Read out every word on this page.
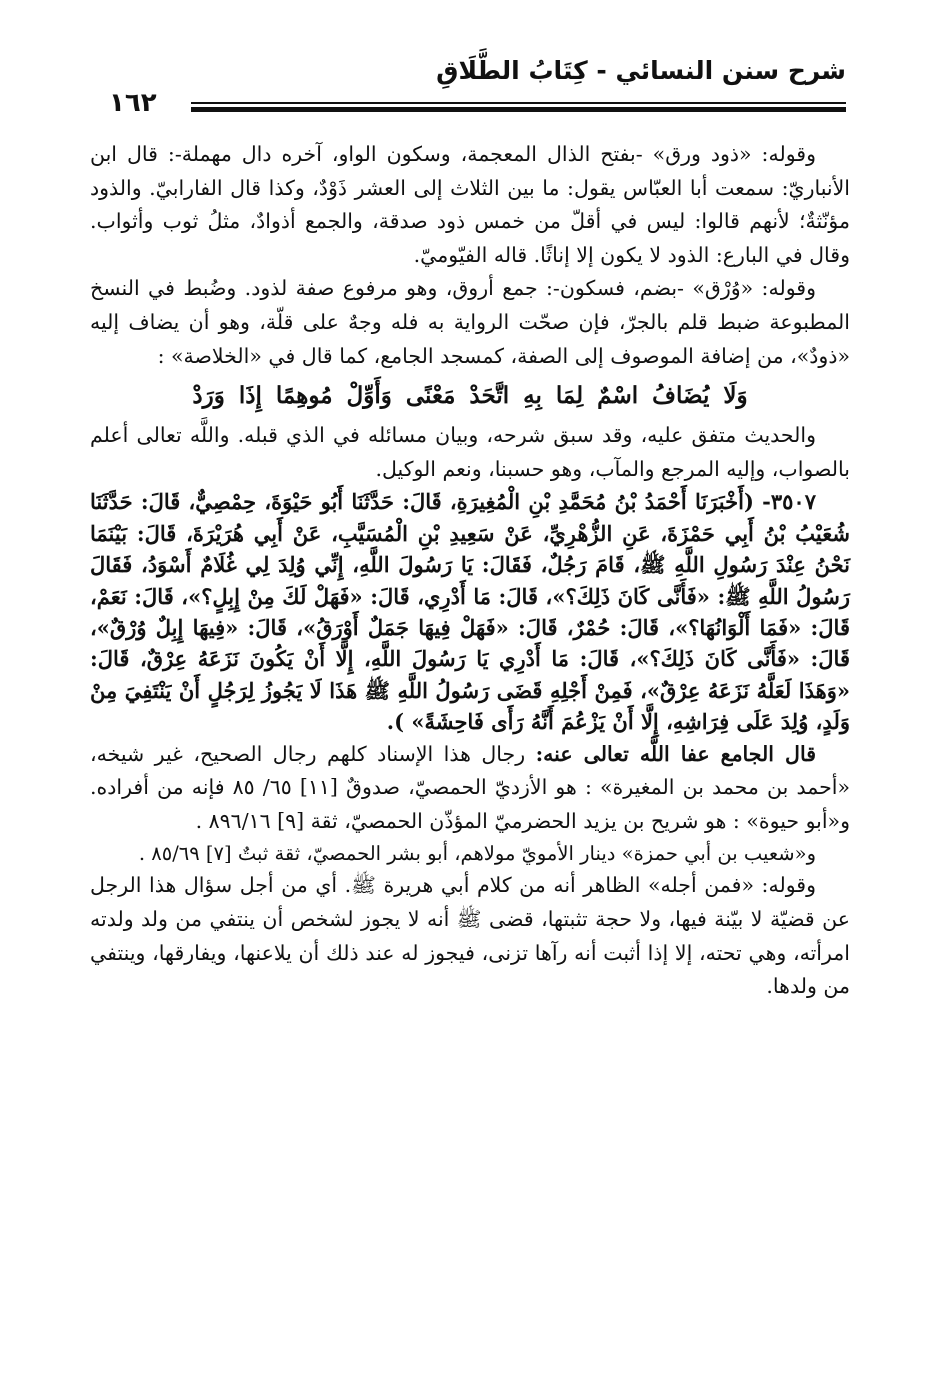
شرح سنن النسائي - كِتَابُ الطَّلَاقِ
١٦٢

وقوله: «ذود ورق» -بفتح الذال المعجمة، وسكون الواو، آخره دال مهملة-: قال ابن الأنباريّ: سمعت أبا العبّاس يقول: ما بين الثلاث إلى العشر ذَوْدٌ، وكذا قال الفارابيّ. والذود مؤنّثةٌ؛ لأنهم قالوا: ليس في أقلّ من خمس ذود صدقة، والجمع أذوادٌ، مثلُ ثوب وأثواب. وقال في البارع: الذود لا يكون إلا إناثًا. قاله الفيّوميّ.

وقوله: «وُرْق» -بضم، فسكون-: جمع أروق، وهو مرفوع صفة لذود. وضُبط في النسخ المطبوعة ضبط قلم بالجرّ، فإن صحّت الرواية به فله وجهٌ على قلّة، وهو أن يضاف إليه «ذودٌ»، من إضافة الموصوف إلى الصفة، كمسجد الجامع، كما قال في «الخلاصة» :

وَلَا يُضَافُ اسْمٌ لِمَا بِهِ اتَّحَدْ مَعْنًى وَأَوِّلْ مُوهِمًا إِذَا وَرَدْ

والحديث متفق عليه، وقد سبق شرحه، وبيان مسائله في الذي قبله. واللَّه تعالى أعلم بالصواب، وإليه المرجع والمآب، وهو حسبنا، ونعم الوكيل.

٣٥٠٧- (أَخْبَرَنَا أَحْمَدُ بْنُ مُحَمَّدِ بْنِ الْمُغِيرَةِ، قَالَ: حَدَّثَنَا أَبُو حَيْوَةَ، حِمْصِيٌّ، قَالَ: حَدَّثَنَا شُعَيْبُ بْنُ أَبِي حَمْزَةَ، عَنِ الزُّهْرِيِّ، عَنْ سَعِيدِ بْنِ الْمُسَيَّبِ، عَنْ أَبِي هُرَيْرَةَ، قَالَ: بَيْنَمَا نَحْنُ عِنْدَ رَسُولِ اللَّهِ ﷺ، قَامَ رَجُلٌ، فَقَالَ: يَا رَسُولَ اللَّهِ، إِنِّي وُلِدَ لِي غُلَامٌ أَسْوَدُ، فَقَالَ رَسُولُ اللَّهِ ﷺ: «فَأَنَّى كَانَ ذَلِكَ؟»، قَالَ: مَا أَدْرِي، قَالَ: «فَهَلْ لَكَ مِنْ إِبِلٍ؟»، قَالَ: نَعَمْ، قَالَ: «فَمَا أَلْوَانُهَا؟»، قَالَ: حُمْرٌ، قَالَ: «فَهَلْ فِيهَا جَمَلٌ أَوْرَقُ»، قَالَ: «فِيهَا إِبِلٌ وُرْقٌ»، قَالَ: «فَأَنَّى كَانَ ذَلِكَ؟»، قَالَ: مَا أَدْرِي يَا رَسُولَ اللَّهِ، إِلَّا أَنْ يَكُونَ نَزَعَهُ عِرْقٌ، قَالَ: «وَهَذَا لَعَلَّهُ نَزَعَهُ عِرْقٌ»، فَمِنْ أَجْلِهِ قَضَى رَسُولُ اللَّهِ ﷺ هَذَا لَا يَجُوزُ لِرَجُلٍ أَنْ يَنْتَفِيَ مِنْ وَلَدٍ، وُلِدَ عَلَى فِرَاشِهِ، إِلَّا أَنْ يَزْعُمَ أَنَّهُ رَأَى فَاحِشَةً» ).

قال الجامع عفا اللَّه تعالى عنه: رجال هذا الإسناد كلهم رجال الصحيح، غير شيخه، «أحمد بن محمد بن المغيرة» : هو الأزديّ الحمصيّ، صدوقٌ [١١] ٦٥/ ٨٥ فإنه من أفراده. و«أبو حيوة» : هو شريح بن يزيد الحضرميّ المؤذّن الحمصيّ، ثقة [٩] ٨٩٦/١٦ .

و«شعيب بن أبي حمزة» دينار الأمويّ مولاهم، أبو بشر الحمصيّ، ثقة ثبتٌ [٧] ٨٥/٦٩ .

وقوله: «فمن أجله» الظاهر أنه من كلام أبي هريرة ﷺ. أي من أجل سؤال هذا الرجل عن قضيّة لا بيّنة فيها، ولا حجة تثبتها، قضى ﷺ أنه لا يجوز لشخص أن ينتفي من ولد ولدته امرأته، وهي تحته، إلا إذا أثبت أنه رآها تزنى، فيجوز له عند ذلك أن يلاعنها، ويفارقها، وينتفي من ولدها.
